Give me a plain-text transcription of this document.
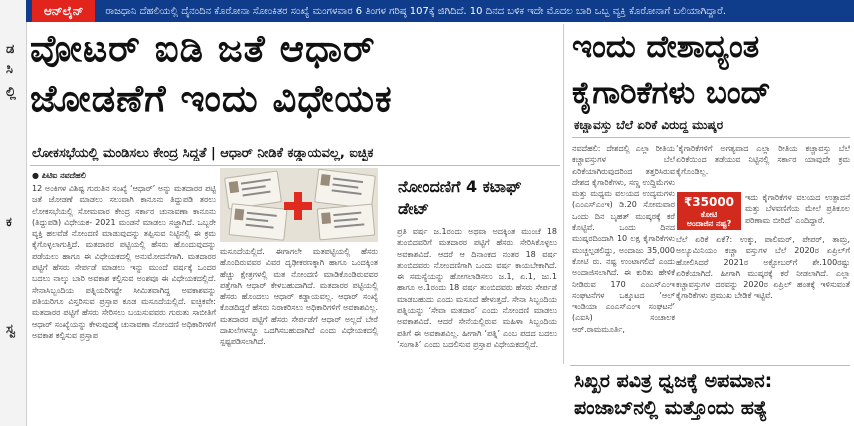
ಡ
ಸಿ
ಲ್ಲಿ
ಕ
ಸ್ವ
ಆನ್‌ಲೈನ್	ರಾಜಧಾನಿ ದೆಹಲಿಯಲ್ಲಿ ದೈನಂದಿನ ಕೊರೋನಾ ಸೋಂಕಿತರ ಸಂಖ್ಯೆ ಮಂಗಳವಾರ 6 ತಿಂಗಳ ಗರಿಷ್ಠ 107ಕ್ಕೆ ಜಿಗಿದಿದೆ. 10 ದಿನದ ಬಳಿಕ ಇದೇ ಮೊದಲ ಬಾರಿ ಒಬ್ಬ ವ್ಯಕ್ತಿ ಕೊರೋನಾಗೆ ಬಲಿಯಾಗಿದ್ದಾರೆ.
ವೋಟರ್ ಐಡಿ ಜತೆ ಆಧಾರ್
ಜೋಡಣೆಗೆ ಇಂದು ವಿಧೇಯಕ
ಲೋಕಸಭೆಯಲ್ಲಿ ಮಂಡಿಸಲು ಕೇಂದ್ರ ಸಿದ್ಧತೆ | ಆಧಾರ್ ನೀಡಿಕೆ ಕಡ್ಡಾಯವಲ್ಲ, ಐಚ್ಛಿಕ
● ಪಿಟಿಐ ನವದೆಹಲಿ
12 ಅಂಕಿಗಳ ವಿಶಿಷ್ಟ ಗುರುತಿನ ಸಂಖ್ಯೆ ‘ಆಧಾರ್’ ಅನ್ನು ಮತದಾರರ ಪಟ್ಟಿ ಜತೆ ಜೋಡಣೆ ಮಾಡಲು ಸಲುವಾಗಿ ಕಾನೂನು ತಿದ್ದುಪಡಿ ತರಲು ಲೋಕಸಭೆಯಲ್ಲಿ ಸೋಮವಾರ ಕೇಂದ್ರ ಸರ್ಕಾರ ಚುನಾವಣಾ ಕಾನೂನು (ತಿದ್ದುಪಡಿ) ವಿಧೇಯಕ- 2021 ಮಂಡನೆ ಮಾಡಲು ಸಜ್ಜಾಗಿದೆ. ಒಬ್ಬರೇ ವ್ಯಕ್ತಿ ಹಲವೆಡೆ ನೋಂದಣಿ ಮಾಡುವುದನ್ನು ತಪ್ಪಿಸುವ ನಿಟ್ಟಿನಲ್ಲಿ ಈ ಕ್ರಮ ಕೈಗೊಳ್ಳಲಾಗುತ್ತಿದೆ. ಮತದಾರರ ಪಟ್ಟಿಯಲ್ಲಿ ಹೆಸರು ಹೊಂದುವುದನ್ನು ಪಡೆಯಲು ಹಾಗೂ ಈ ವಿಧೇಯಕದಲ್ಲಿ ಅನುಮೋದನೆಗಾಗಿ. ಮತದಾರರ ಪಟ್ಟಿಗೆ ಹೆಸರು ಸೇರ್ಪಡೆ ಮಾಡಲು ಇನ್ನು ಮುಂದೆ ವರ್ಷಕ್ಕೆ ಒಂದರ ಬದಲು ನಾಲ್ಕು ಬಾರಿ ಅವಕಾಶ ಕಲ್ಪಿಸುವ ಅಂಶವೂ ಈ ವಿಧೇಯಕದಲ್ಲಿದೆ. ಸೇನಾಸಿಬ್ಬಂದಿಯ ಪತ್ನಿಯರಿಗಷ್ಟೇ ಸೀಮಿತವಾಗಿದ್ದ ಅವಕಾಶವನ್ನು ಪತಿಯರಿಗೂ ವಿಸ್ತರಿಸುವ ಪ್ರಸ್ತಾಪ ಕೂಡ ಮಸೂದೆಯಲ್ಲಿದೆ. ಐಚ್ಛಿಕವೇ: ಮತದಾರರ ಪಟ್ಟಿಗೆ ಹೆಸರು ಸೇರಿಸಲು ಬಯಸುವವರು ಗುರುತು ಸಾಬೀತಿಗೆ ಆಧಾರ್ ಸಂಖ್ಯೆಯನ್ನು ಕೇಳುವುದಕ್ಕೆ ಚುನಾವಣಾ ನೋಂದಣಿ ಅಧಿಕಾರಿಗಳಿಗೆ ಅವಕಾಶ ಕಲ್ಪಿಸುವ ಪ್ರಸ್ತಾಪ
ಮಸೂದೆಯಲ್ಲಿದೆ. ಈಗಾಗಲೇ ಮತಪಟ್ಟಿಯಲ್ಲಿ ಹೆಸರು ಹೊಂದಿರುವವರ ವಿವರ ದೃಢೀಕರಣಕ್ಕಾಗಿ ಹಾಗೂ ಒಂದಕ್ಕಿಂತ ಹೆಚ್ಚು ಕ್ಷೇತ್ರಗಳಲ್ಲಿ ಮತ ನೋಂದಣಿ ಮಾಡಿಕೊಂಡಿರುವವರ ಪತ್ತೆಗಾಗಿ ಆಧಾರ್ ಕೇಳಬಹುದಾಗಿದೆ. ಮತದಾರರ ಪಟ್ಟಿಯಲ್ಲಿ ಹೆಸರು ಹೊಂದಲು ಆಧಾರ್ ಕಡ್ಡಾಯವಲ್ಲ. ಆಧಾರ್ ಸಂಖ್ಯೆ ಕೊಡದಿದ್ದರೆ ಹೆಸರು ನಿರಾಕರಿಸಲು ಅಧಿಕಾರಿಗಳಿಗೆ ಅವಕಾಶವಿಲ್ಲ. ಮತದಾರರ ಪಟ್ಟಿಗೆ ಹೆಸರು ಸೇರ್ಪಡೆಗೆ ಆಧಾರ್ ಅಲ್ಲದೆ ಬೇರೆ ದಾಖಲೆಗಳನ್ನೂ ಒದಗಿಸಬಹುದಾಗಿದೆ ಎಂದು ವಿಧೇಯಕದಲ್ಲಿ ಸ್ಪಷ್ಟಪಡಿಸಲಾಗಿದೆ.
ನೋಂದಣಿಗೆ 4 ಕಟಾಫ್ ಡೇಟ್
ಪ್ರತಿ ವರ್ಷ ಜ.1ರಂದು ಅಥವಾ ಅದಕ್ಕಿಂತ ಮುಂಚೆ 18 ತುಂಬಿದವರಿಗೆ ಮತದಾರರ ಪಟ್ಟಿಗೆ ಹೆಸರು ಸೇರಿಸಿಕೊಳ್ಳಲು ಅವಕಾಶವಿದೆ. ಆದರೆ ಆ ದಿನಾಂಕದ ನಂತರ 18 ವರ್ಷ ತುಂಬಿದವರು ನೋಂದಣಿಗಾಗಿ ಒಂದು ವರ್ಷ ಕಾಯಬೇಕಾಗಿದೆ. ಈ ಸಮಸ್ಯೆಯನ್ನು ಹೋಗಲಾಡಿಸಲು ಜ.1, ಏ.1, ಜು.1 ಹಾಗೂ ಅ.1ರಂದು 18 ವರ್ಷ ತುಂಬಿದವರು ಹೆಸರು ಸೇರ್ಪಡೆ ಮಾಡಬಹುದು ಎಂದು ಮಸೂದೆ ಹೇಳುತ್ತದೆ. ಸೇನಾ ಸಿಬ್ಬಂದಿಯ ಪತ್ನಿಯನ್ನು ‘ಸೇವಾ ಮತದಾರ’ ಎಂದು ನೋಂದಣಿ ಮಾಡಲು ಅವಕಾಶವಿದೆ. ಆದರೆ ಸೇನೆಯಲ್ಲಿರುವ ಮಹಿಳಾ ಸಿಬ್ಬಂದಿಯ ಪತಿಗೆ ಈ ಅವಕಾಶವಿಲ್ಲ. ಹೀಗಾಗಿ ‘ಪತ್ನಿ’ ಎಂಬ ಪದದ ಬದಲು ‘ಸಂಗಾತಿ’ ಎಂದು ಬದಲಿಸುವ ಪ್ರಸ್ತಾಪ ವಿಧೇಯಕದಲ್ಲಿದೆ.
ಇಂದು ದೇಶಾದ್ಯಂತ
ಕೈಗಾರಿಕೆಗಳು ಬಂದ್
ಕಚ್ಚಾವಸ್ತು ಬೆಲೆ ಏರಿಕೆ ವಿರುದ್ಧ ಮುಷ್ಕರ
ನವದೆಹಲಿ: ದೇಶದಲ್ಲಿ ಎಲ್ಲಾ ರೀತಿಯ ಕಚ್ಚಾವಸ್ತುಗಳ ಬೆಲೆ ಏರಿಕೆಯಾಗಿರುವುದರಿಂದ ತತ್ತರಿಸಿರುವ ದೇಶದ ಕೈಗಾರಿಕೆಗಳು, ಸಣ್ಣ ಉದ್ದಿಮೆಗಳು ಮತ್ತು ಮಧ್ಯಮ ವಲಯದ ಉದ್ಯಮಗಳು (ಎಂಎಸ್‌ಎಂಇ) ಡಿ.20 ಸೋಮವಾರ ಒಂದು ದಿನ ಬೃಹತ್ ಮುಷ್ಕರಕ್ಕೆ ಕರೆ ಕೊಟ್ಟಿವೆ. ಒಂದು ದಿನದ ಮುಷ್ಕರದಿಂದಾಗಿ 10 ಲಕ್ಷ ಕೈಗಾರಿಕೆಗಳು ಮುಚ್ಚಲ್ಪಡಲಿದ್ದು, ಅಂದಾಜು 35,000 ಕೋಟಿ ರು. ನಷ್ಟ ಉಂಟಾಗಲಿದೆ ಎಂದು ಅಂದಾಜಿಸಲಾಗಿದೆ. ಈ ಕುರಿತು ಹೇಳಿಕೆ ನೀಡಿರುವ 170 ಎಂಎಸ್‌ಎಂಇ ಸಂಘಟನೆಗಳ ಒಕ್ಕೂಟದ ‘ಆಲ್ ಇಂಡಿಯಾ ಎಂಎಸ್‌ಎಂಇ ಸಂಘಟನೆ’ (ಎಐಸಿ) ಸಂಚಾಲಕ ಆರ್.ರಾಮಮೂರ್ತಿ,
‘ಕೈಗಾರಿಕೆಗಳಿಗೆ ಅಗತ್ಯವಾದ ಎಲ್ಲಾ ರೀತಿಯ ಕಚ್ಚಾವಸ್ತು ಬೆಲೆ ಏರಿಕೆಯಿಂದ ತಡೆಯುವ ನಿಟ್ಟಿನಲ್ಲಿ ಸರ್ಕಾರ ಯಾವುದೇ ಕ್ರಮ ಕೈಗೊಂಡಿಲ್ಲ.
₹35000
ಕೋಟಿ
ಅಂದಾಜಿನ ನಷ್ಟ?
ಇದು ಕೈಗಾರಿಕೆಗಳ ವಲಯದ ಉತ್ಪಾದನೆ ಮತ್ತು ಬೆಳವಣಿಗೆಯ ಮೇಲೆ ಪ್ರತಿಕೂಲ ಪರಿಣಾಮ ಬೀರಿದೆ’ ಎಂದಿದ್ದಾರೆ.
ಬೆಲೆ ಏರಿಕೆ ಏಕೆ?: ಉಕ್ಕು, ಪಾಲಿಮರ್, ಪೇಪರ್, ತಾಮ್ರ, ಅಲ್ಯೂಮಿನಿಯಂ ಕಚ್ಚಾ ವಸ್ತುಗಳ ಬೆಲೆ 2020ರ ಏಪ್ರಿಲ್‌ಗೆ ಹೋಲಿಸಿದರೆ 2021ರ ಅಕ್ಟೋಬರ್‌ಗೆ ಶೇ.100ರಷ್ಟು ಏರಿಕೆಯಾಗಿದೆ. ಹೀಗಾಗಿ ಮುಷ್ಕರಕ್ಕೆ ಕರೆ ನೀಡಲಾಗಿದೆ. ಎಲ್ಲಾ ಕಚ್ಚಾವಸ್ತುಗಳ ದರವನ್ನು 2020ರ ಏಪ್ರಿಲ್ ಹಂತಕ್ಕೆ ಇಳಿಸುವಂತೆ ಕೈಗಾರಿಕೆಗಳು ಪ್ರಮುಖ ಬೇಡಿಕೆ ಇಟ್ಟಿವೆ.
ಸಿಖ್ಖರ ಪವಿತ್ರ ಧ್ವಜಕ್ಕೆ ಅಪಮಾನ:
ಪಂಜಾಬ್‌ನಲ್ಲಿ ಮತ್ತೊಂದು ಹತ್ಯೆ
